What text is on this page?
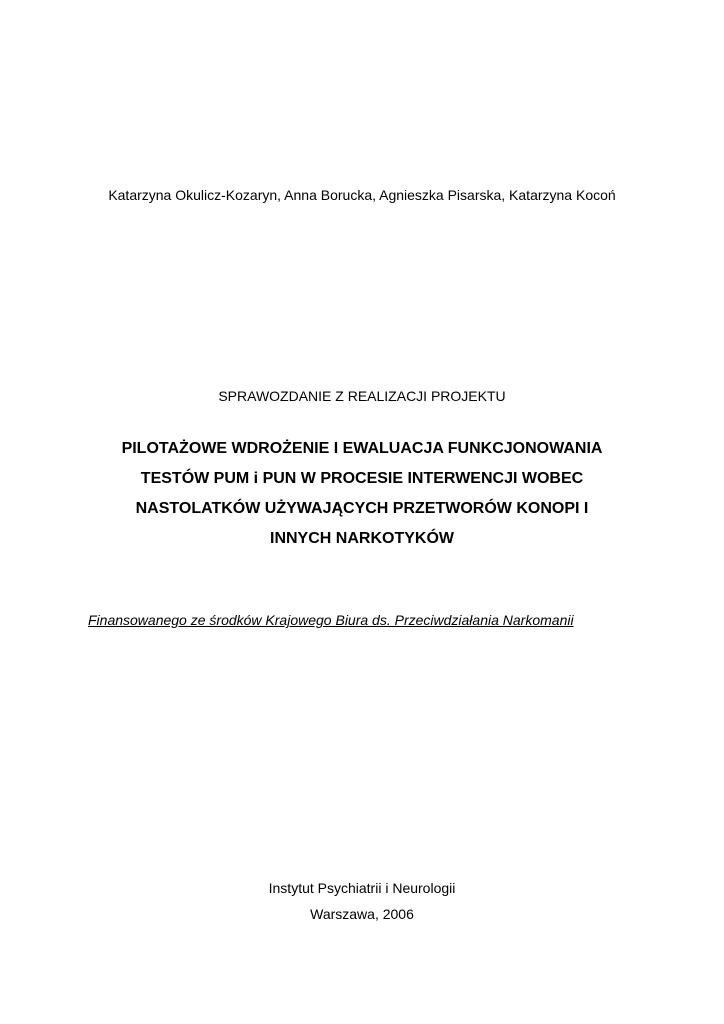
Katarzyna Okulicz-Kozaryn, Anna Borucka, Agnieszka Pisarska, Katarzyna Kocoń
SPRAWOZDANIE Z REALIZACJI PROJEKTU
PILOTAŻOWE WDROŻENIE I EWALUACJA FUNKCJONOWANIA
TESTÓW PUM i PUN W PROCESIE INTERWENCJI WOBEC
NASTOLATKÓW UŻYWAJĄCYCH PRZETWORÓW KONOPI I
INNYCH NARKOTYKÓW
Finansowanego ze środków Krajowego Biura ds. Przeciwdziałania Narkomanii
Instytut Psychiatrii i Neurologii
Warszawa, 2006
